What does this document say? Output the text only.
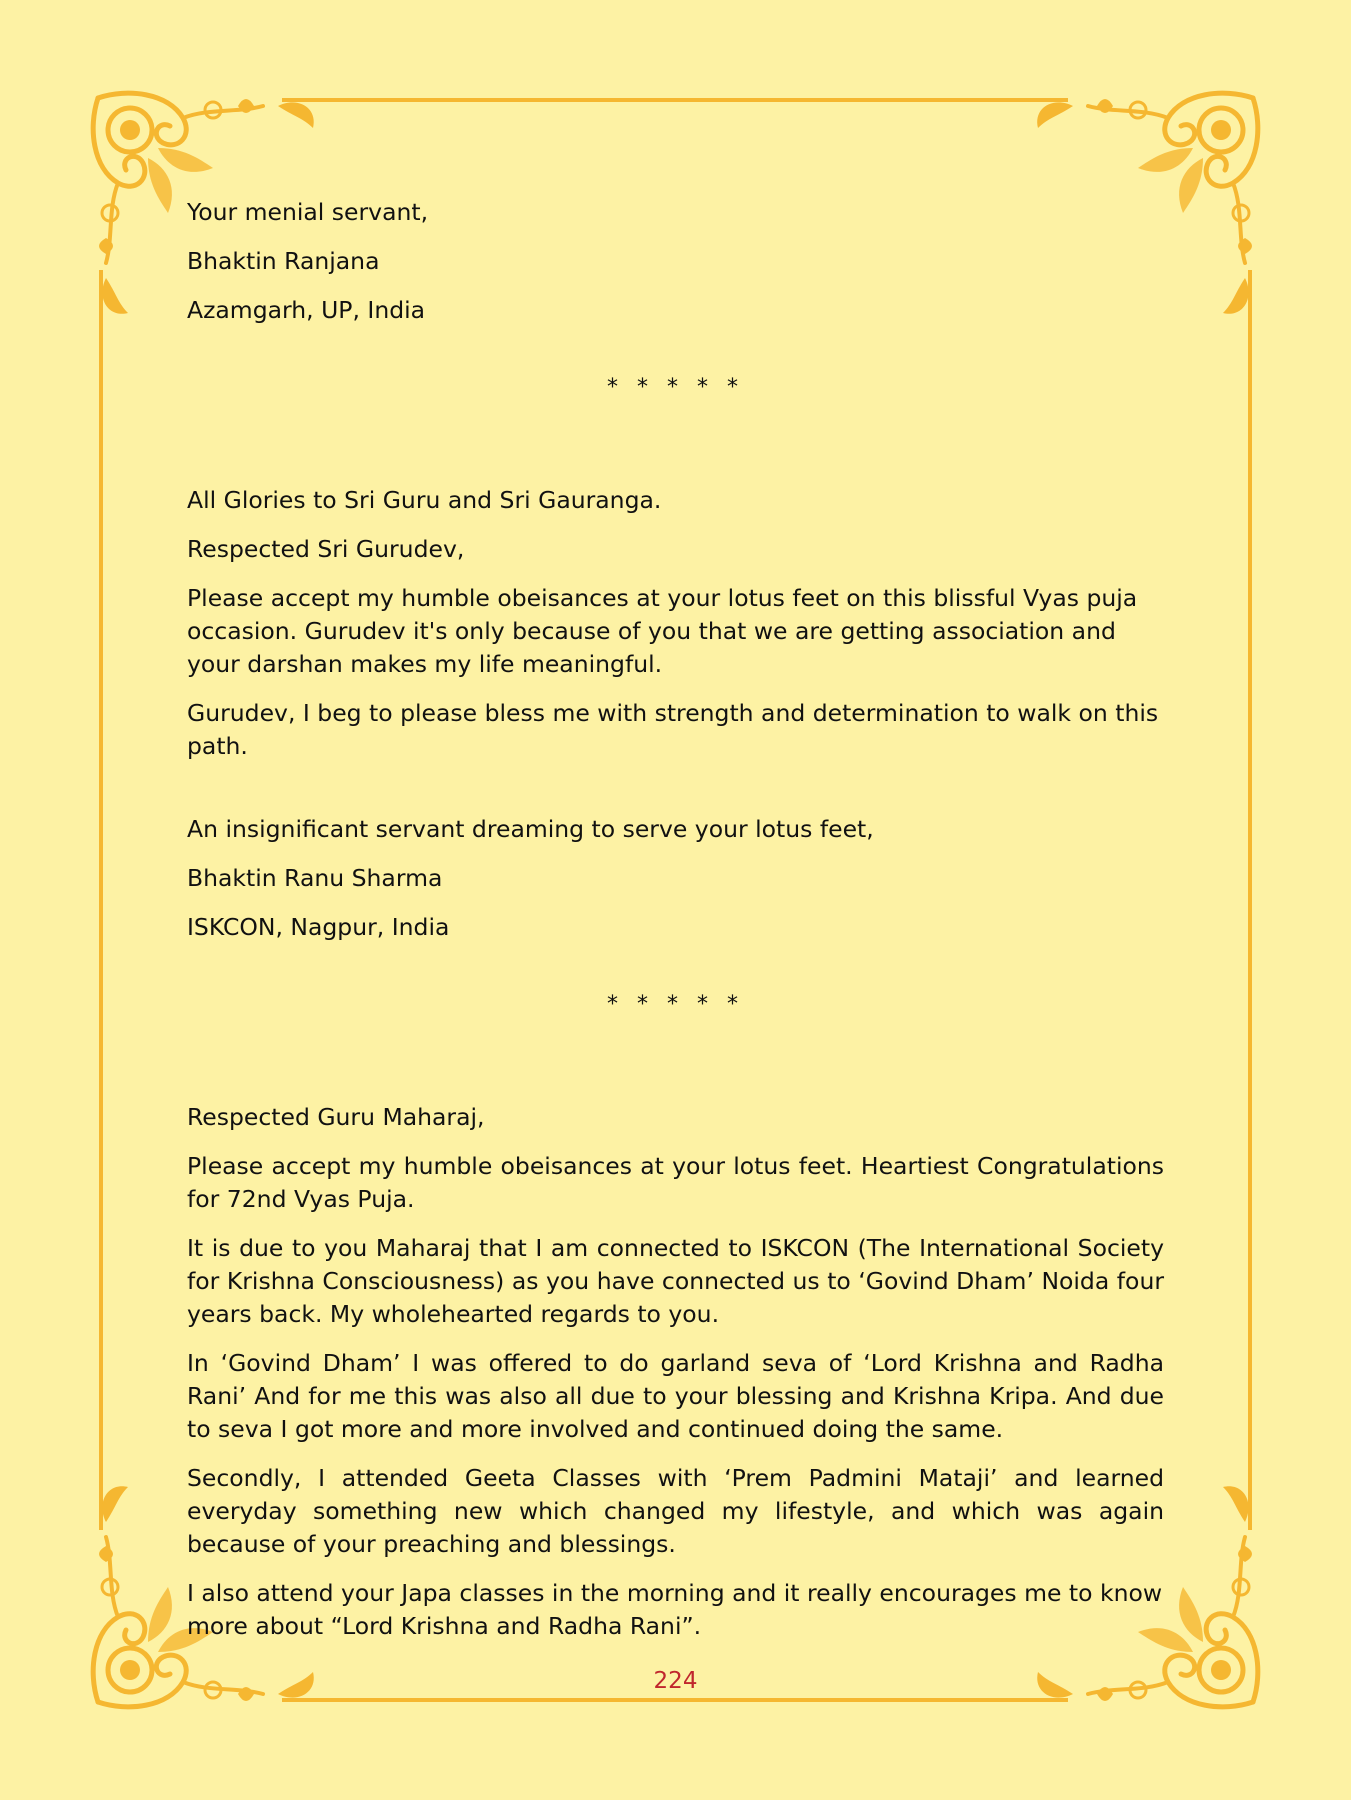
Your menial servant,

Bhaktin Ranjana

Azamgarh, UP, India

* * * * *

All Glories to Sri Guru and Sri Gauranga.

Respected Sri Gurudev,

Please accept my humble obeisances at your lotus feet on this blissful Vyas puja occasion. Gurudev it's only because of you that we are getting association and your darshan makes my life meaningful.

Gurudev, I beg to please bless me with strength and determination to walk on this path.

An insignificant servant dreaming to serve your lotus feet,

Bhaktin Ranu Sharma

ISKCON, Nagpur, India

* * * * *

Respected Guru Maharaj,

Please accept my humble obeisances at your lotus feet. Heartiest Congratulations for 72nd Vyas Puja.

It is due to you Maharaj that I am connected to ISKCON (The International Society for Krishna Consciousness) as you have connected us to ‘Govind Dham’ Noida four years back. My wholehearted regards to you.

In ‘Govind Dham’ I was offered to do garland seva of ‘Lord Krishna and Radha Rani’ And for me this was also all due to your blessing and Krishna Kripa. And due to seva I got more and more involved and continued doing the same.

Secondly, I attended Geeta Classes with ‘Prem Padmini Mataji’ and learned everyday something new which changed my lifestyle, and which was again because of your preaching and blessings.

I also attend your Japa classes in the morning and it really encourages me to know more about “Lord Krishna and Radha Rani”.

224
